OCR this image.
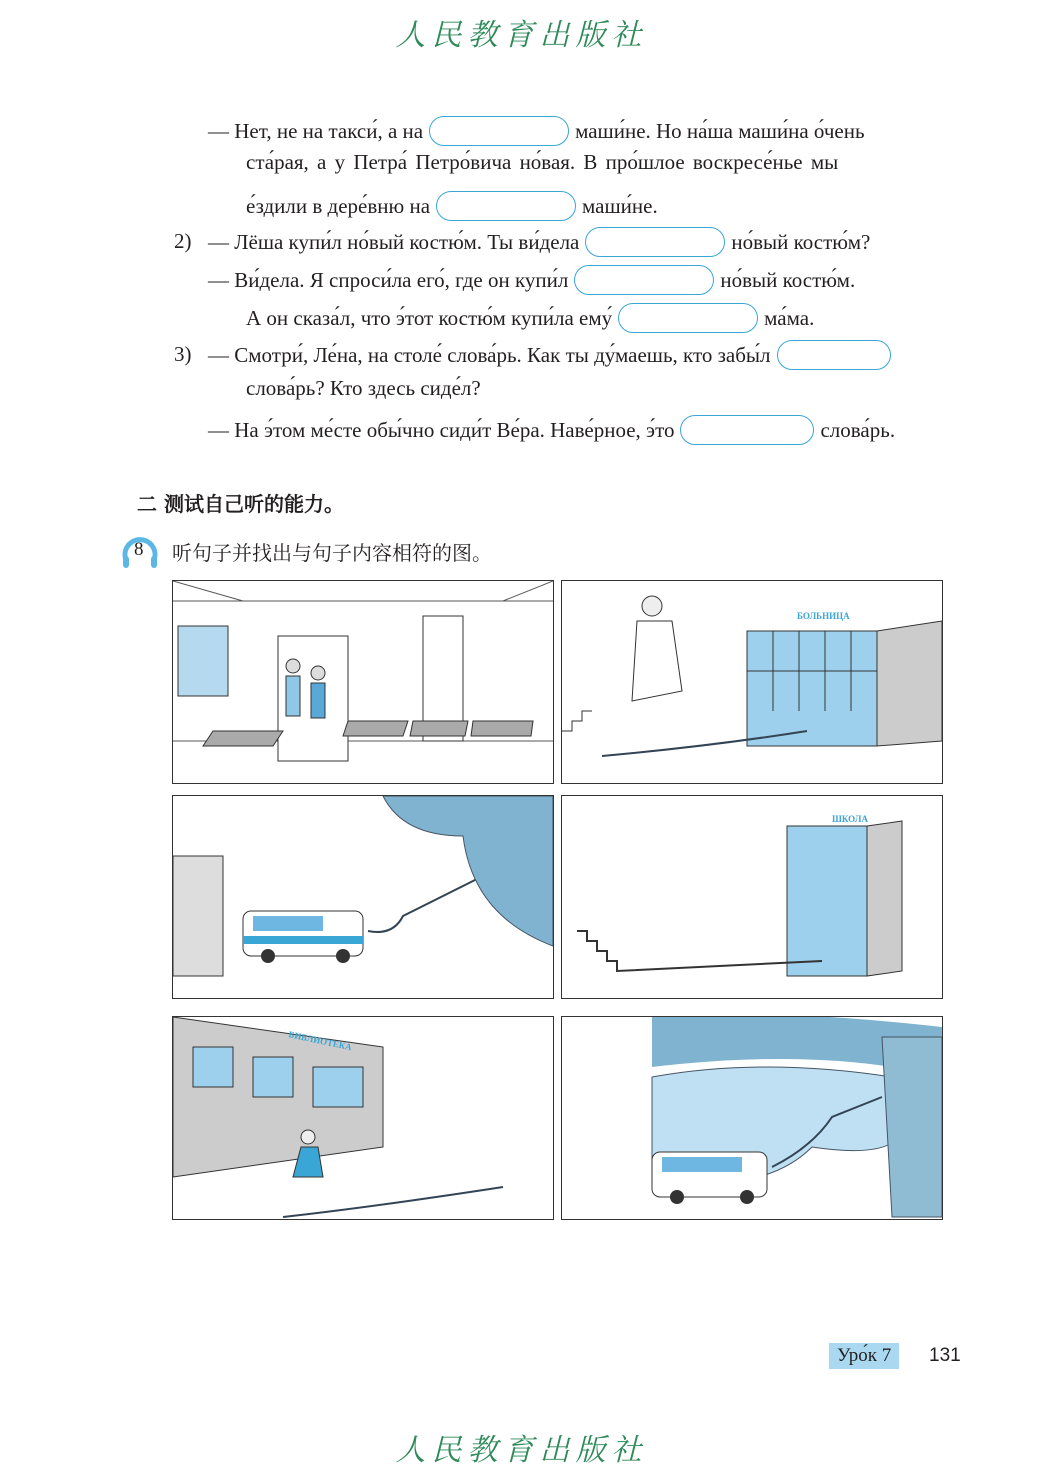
人民教育出版社
— Нет, не на такси́, а на	маши́не. Но на́ша маши́на о́чень
ста́рая, а у Петра́ Петро́вича но́вая. В про́шлое воскресе́нье мы
е́здили в дере́вню на	маши́не.
2) — Лёша купи́л но́вый костю́м. Ты ви́дела	но́вый костю́м?
— Ви́дела. Я спроси́ла его́, где он купи́л	но́вый костю́м.
А он сказа́л, что э́тот костю́м купи́ла ему́	ма́ма.
3) — Смотри́, Ле́на, на столе́ слова́рь. Как ты ду́маешь, кто забы́л
слова́рь? Кто здесь сиде́л?
— На э́том ме́сте обы́чно сиди́т Ве́ра. Наве́рное, э́то	слова́рь.
二 测试自己听的能力。
8 听句子并找出与句子内容相符的图。
БОЛЬНИЦА
ШКОЛА
БИБЛИОТЕКА
Уро́к 7	131
人民教育出版社
